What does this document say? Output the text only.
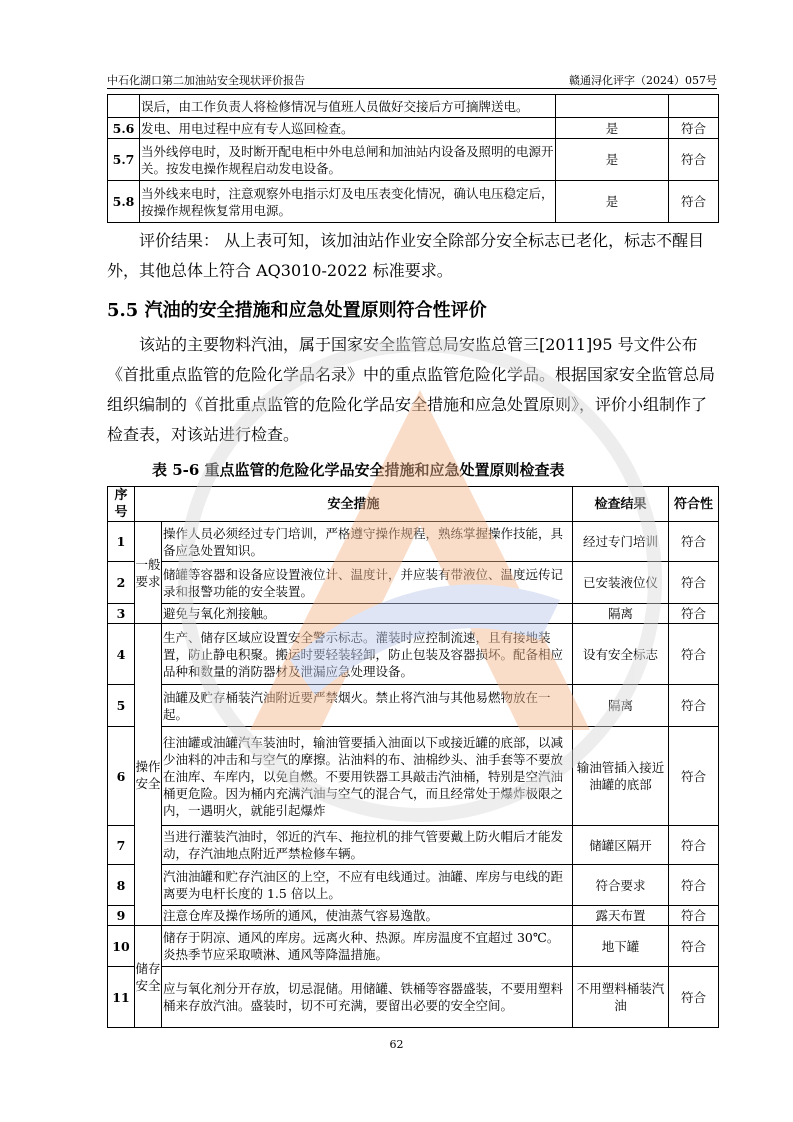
中石化湖口第二加油站安全现状评价报告	赣通浔化评字（2024）057号
	误后，由工作负责人将检修情况与值班人员做好交接后方可摘牌送电。		
5.6	发电、用电过程中应有专人巡回检查。	是	符合
5.7	当外线停电时，及时断开配电柜中外电总闸和加油站内设备及照明的电源开关。按发电操作规程启动发电设备。	是	符合
5.8	当外线来电时，注意观察外电指示灯及电压表变化情况，确认电压稳定后，按操作规程恢复常用电源。	是	符合
评价结果： 从上表可知，该加油站作业安全除部分安全标志已老化，标志不醒目外，其他总体上符合 AQ3010-2022 标准要求。
5.5 汽油的安全措施和应急处置原则符合性评价
该站的主要物料汽油，属于国家安全监管总局安监总管三[2011]95 号文件公布《首批重点监管的危险化学品名录》中的重点监管危险化学品。根据国家安全监管总局组织编制的《首批重点监管的危险化学品安全措施和应急处置原则》，评价小组制作了检查表，对该站进行检查。
表 5-6 重点监管的危险化学品安全措施和应急处置原则检查表
序号	安全措施		检查结果	符合性
1	一般要求	操作人员必须经过专门培训，严格遵守操作规程，熟练掌握操作技能，具备应急处置知识。	经过专门培训	符合
2		储罐等容器和设备应设置液位计、温度计，并应装有带液位、温度远传记录和报警功能的安全装置。	已安装液位仪	符合
3		避免与氧化剂接触。	隔离	符合
4	操作安全	生产、储存区域应设置安全警示标志。灌装时应控制流速，且有接地装置，防止静电积聚。搬运时要轻装轻卸，防止包装及容器损坏。配备相应品种和数量的消防器材及泄漏应急处理设备。	设有安全标志	符合
5		油罐及贮存桶装汽油附近要严禁烟火。禁止将汽油与其他易燃物放在一起。	隔离	符合
6		往油罐或油罐汽车装油时，输油管要插入油面以下或接近罐的底部，以减少油料的冲击和与空气的摩擦。沾油料的布、油棉纱头、油手套等不要放在油库、车库内，以免自燃。不要用铁器工具敲击汽油桶，特别是空汽油桶更危险。因为桶内充满汽油与空气的混合气，而且经常处于爆炸极限之内，一遇明火，就能引起爆炸	输油管插入接近油罐的底部	符合
7		当进行灌装汽油时，邻近的汽车、拖拉机的排气管要戴上防火帽后才能发动，存汽油地点附近严禁检修车辆。	储罐区隔开	符合
8		汽油油罐和贮存汽油区的上空，不应有电线通过。油罐、库房与电线的距离要为电杆长度的 1.5 倍以上。	符合要求	符合
9		注意仓库及操作场所的通风，使油蒸气容易逸散。	露天布置	符合
10	储存安全	储存于阴凉、通风的库房。远离火种、热源。库房温度不宜超过 30℃。炎热季节应采取喷淋、通风等降温措施。	地下罐	符合
11		应与氧化剂分开存放，切忌混储。用储罐、铁桶等容器盛装，不要用塑料桶来存放汽油。盛装时，切不可充满，要留出必要的安全空间。	不用塑料桶装汽油	符合
62
